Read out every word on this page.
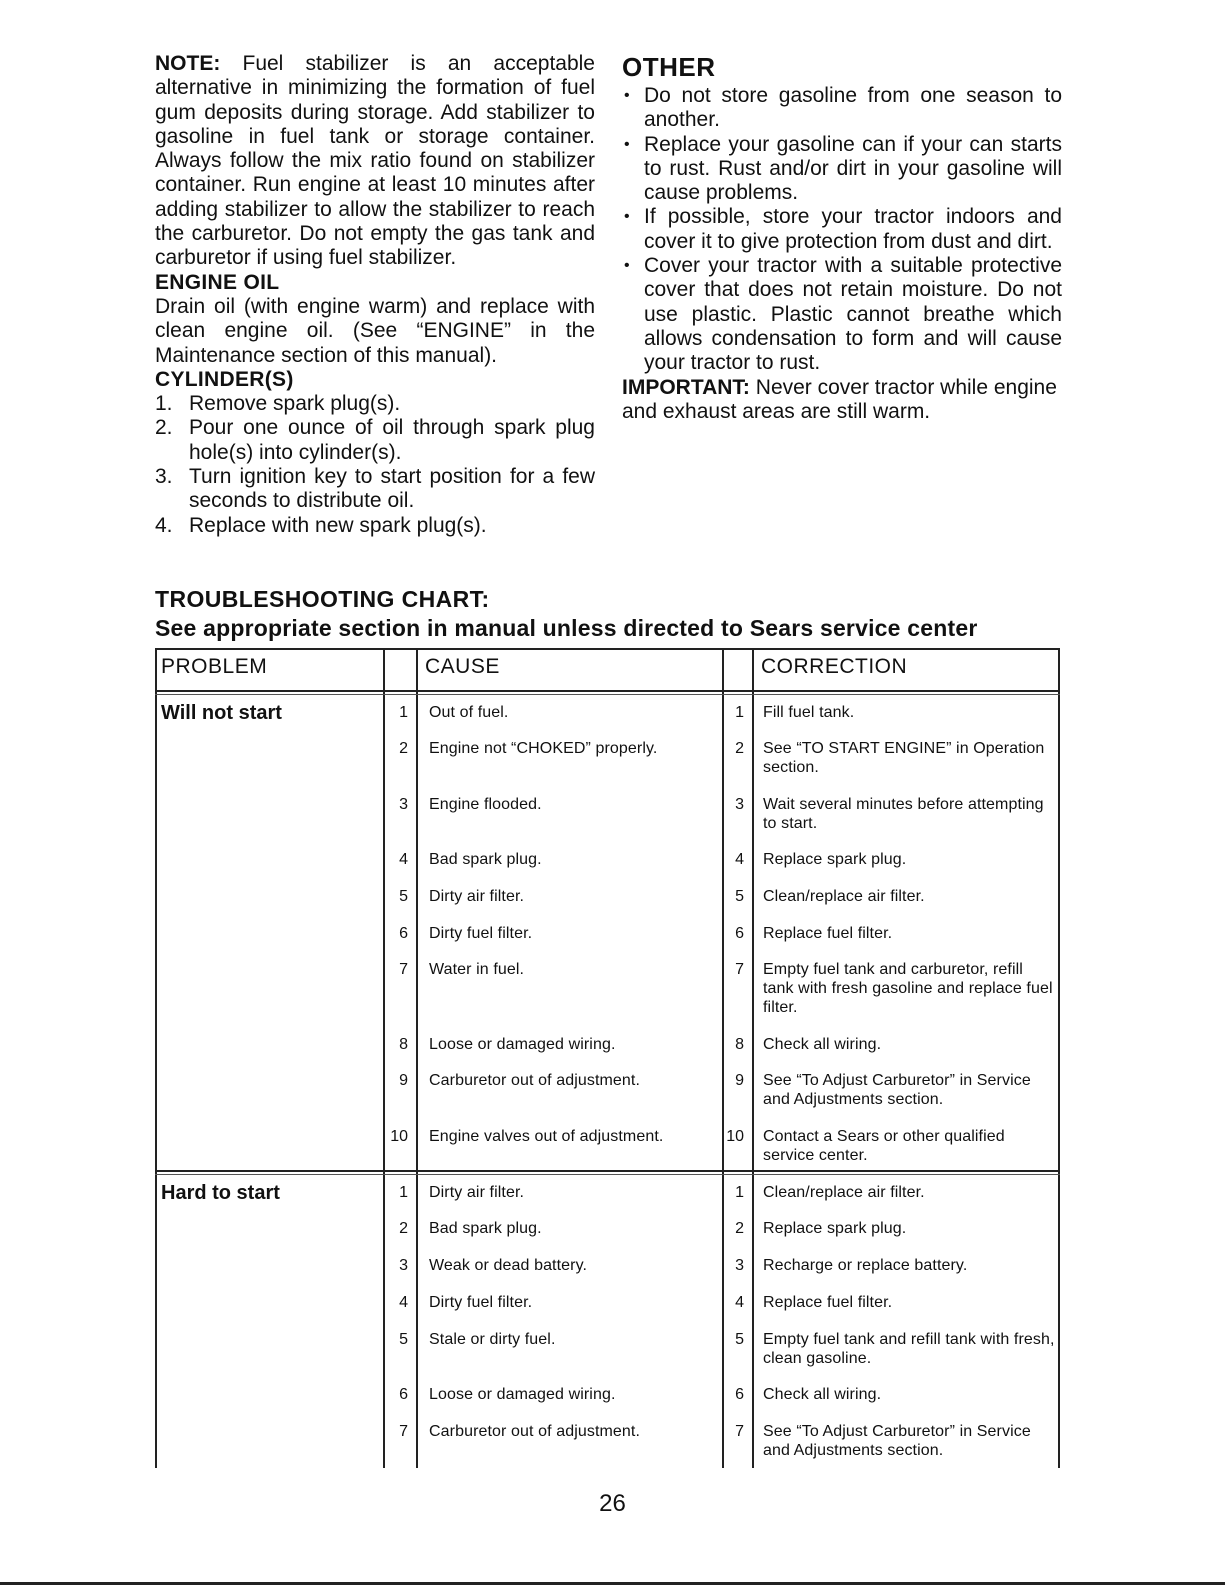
NOTE: Fuel stabilizer is an acceptable alternative in minimizing the formation of fuel gum deposits during storage. Add stabilizer to gasoline in fuel tank or storage container. Always follow the mix ratio found on stabilizer container. Run engine at least 10 minutes after adding stabilizer to allow the stabilizer to reach the carburetor. Do not empty the gas tank and carburetor if using fuel stabilizer.

ENGINE OIL

Drain oil (with engine warm) and replace with clean engine oil. (See “ENGINE” in the Maintenance section of this manual).

CYLINDER(S)

1. Remove spark plug(s).
2. Pour one ounce of oil through spark plug hole(s) into cylinder(s).
3. Turn ignition key to start position for a few seconds to distribute oil.
4. Replace with new spark plug(s).

OTHER

• Do not store gasoline from one season to another.
• Replace your gasoline can if your can starts to rust. Rust and/or dirt in your gasoline will cause problems.
• If possible, store your tractor indoors and cover it to give protection from dust and dirt.
• Cover your tractor with a suitable protective cover that does not retain moisture. Do not use plastic. Plastic cannot breathe which allows condensation to form and will cause your tractor to rust.

IMPORTANT: Never cover tractor while engine and exhaust areas are still warm.

TROUBLESHOOTING CHART:
See appropriate section in manual unless directed to Sears service center
PROBLEM	CAUSE	CORRECTION
Will not start	1 Out of fuel.	1 Fill fuel tank.
2 Engine not “CHOKED” properly.	2 See “TO START ENGINE” in Operation section.
3 Engine flooded.	3 Wait several minutes before attempting to start.
4 Bad spark plug.	4 Replace spark plug.
5 Dirty air filter.	5 Clean/replace air filter.
6 Dirty fuel filter.	6 Replace fuel filter.
7 Water in fuel.	7 Empty fuel tank and carburetor, refill tank with fresh gasoline and replace fuel filter.
8 Loose or damaged wiring.	8 Check all wiring.
9 Carburetor out of adjustment.	9 See “To Adjust Carburetor” in Service and Adjustments section.
10 Engine valves out of adjustment.	10 Contact a Sears or other qualified service center.
Hard to start	1 Dirty air filter.	1 Clean/replace air filter.
2 Bad spark plug.	2 Replace spark plug.
3 Weak or dead battery.	3 Recharge or replace battery.
4 Dirty fuel filter.	4 Replace fuel filter.
5 Stale or dirty fuel.	5 Empty fuel tank and refill tank with fresh, clean gasoline.
6 Loose or damaged wiring.	6 Check all wiring.
7 Carburetor out of adjustment.	7 See “To Adjust Carburetor” in Service and Adjustments section.
26
